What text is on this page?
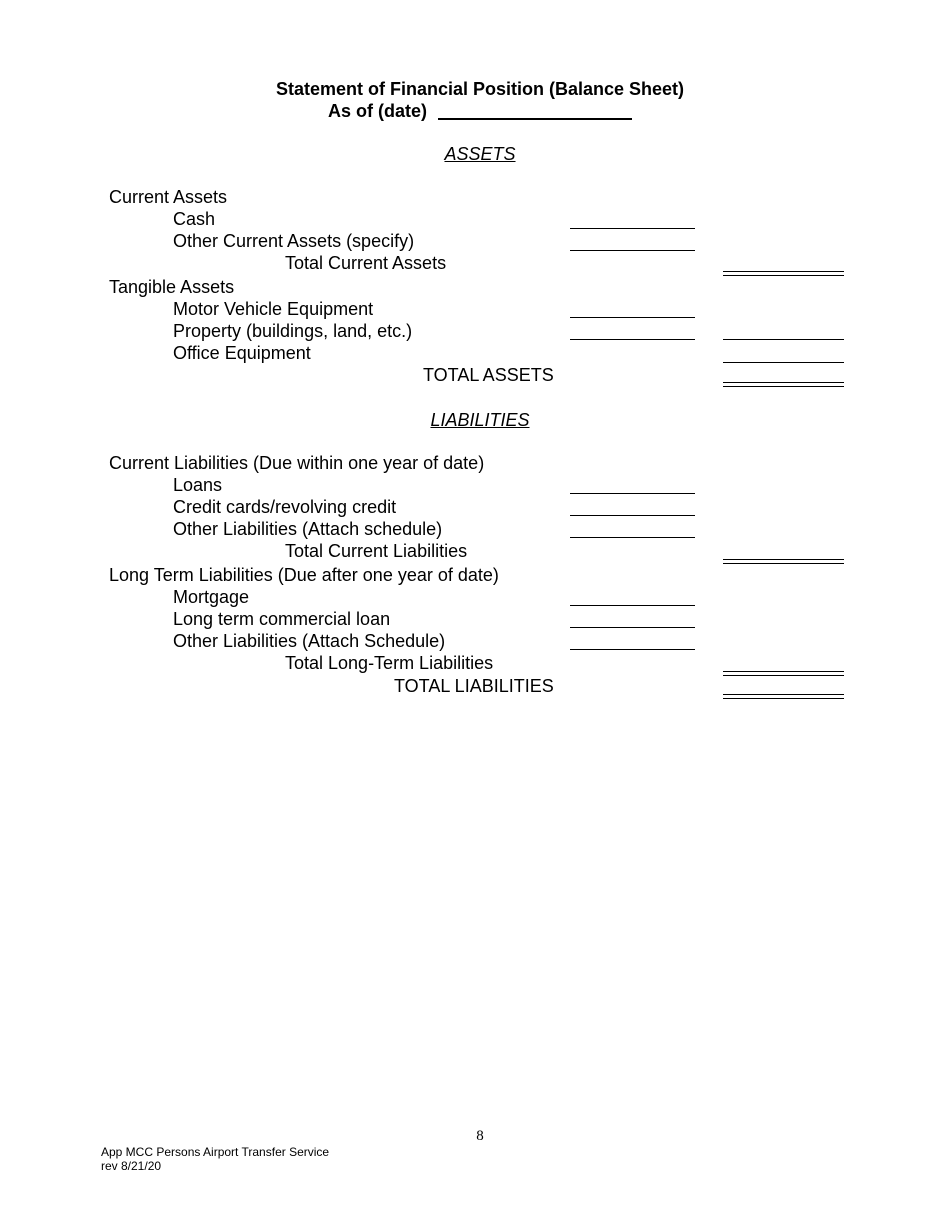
Statement of Financial Position (Balance Sheet)
As of (date)
ASSETS
Current Assets
Cash
Other Current Assets (specify)
Total Current Assets
Tangible Assets
Motor Vehicle Equipment
Property (buildings, land, etc.)
Office Equipment
TOTAL ASSETS
LIABILITIES
Current Liabilities (Due within one year of date)
Loans
Credit cards/revolving credit
Other Liabilities (Attach schedule)
Total Current Liabilities
Long Term Liabilities (Due after one year of date)
Mortgage
Long term commercial loan
Other Liabilities (Attach Schedule)
Total Long-Term Liabilities
TOTAL LIABILITIES
8
App MCC Persons Airport Transfer Service
rev 8/21/20
